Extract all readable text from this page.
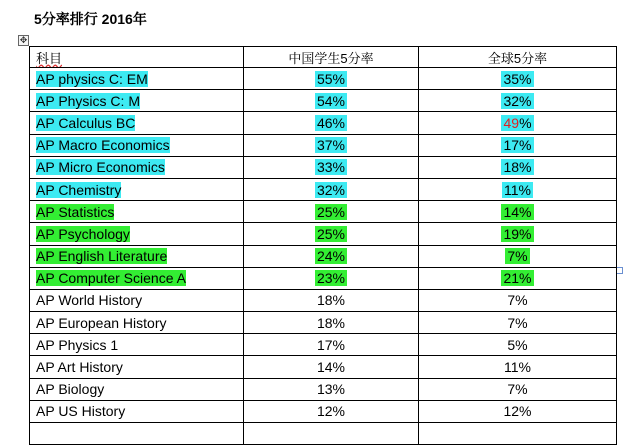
5分率排行 2016年
✥
科目	中国学生5分率	全球5分率
AP physics C: EM	55%	35%
AP Physics C: M	54%	32%
AP Calculus BC	46%	49%
AP Macro Economics	37%	17%
AP Micro Economics	33%	18%
AP Chemistry	32%	11%
AP Statistics	25%	14%
AP Psychology	25%	19%
AP English Literature	24%	7%
AP Computer Science A	23%	21%
AP World History	18%	7%
AP European History	18%	7%
AP Physics 1	17%	5%
AP Art History	14%	11%
AP Biology	13%	7%
AP US History	12%	12%
